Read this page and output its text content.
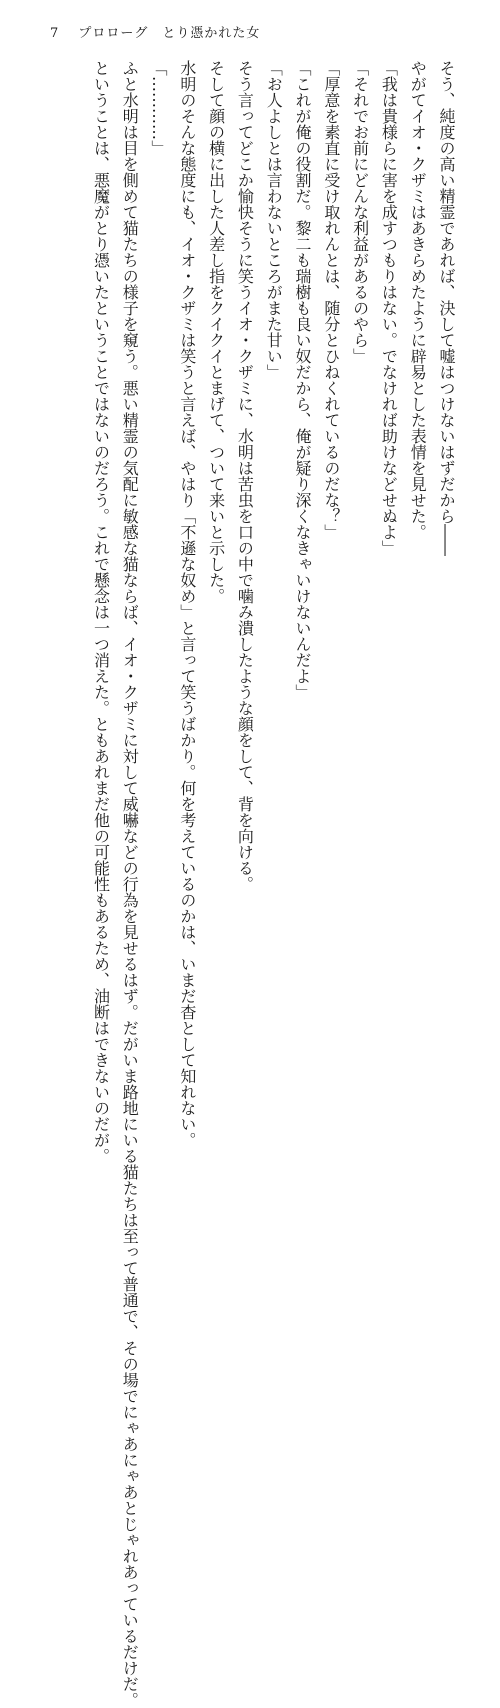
7 プロローグ　とり憑かれた女
そう、純度の高い精霊であれば、決して嘘はつけないはずだから――
やがてイオ・クザミはあきらめたように辟易とした表情を見せた。
「我は貴様らに害を成すつもりはない。でなければ助けなどせぬよ」
「それでお前にどんな利益があるのやら」
「厚意を素直に受け取れんとは、随分とひねくれているのだな？」
「これが俺の役割だ。黎二も瑞樹も良い奴だから、俺が疑り深くなきゃいけないんだよ」
「お人よしとは言わないところがまた甘い」
そう言ってどこか愉快そうに笑うイオ・クザミに、水明は苦虫を口の中で噛み潰したような顔をして、背を向ける。
そして顔の横に出した人差し指をクイクイとまげて、ついて来いと示した。
水明のそんな態度にも、イオ・クザミは笑うと言えば、やはり「不遜な奴め」と言って笑うばかり。何を考えているのかは、いまだ杳として知れない。
「…………」
ふと水明は目を側めて猫たちの様子を窺う。悪い精霊の気配に敏感な猫ならば、イオ・クザミに対して威嚇などの行為を見せるはず。だがいま路地にいる猫たちは至って普通で、その場でにゃあにゃあとじゃれあっているだけだ。
ということは、悪魔がとり憑いたということではないのだろう。これで懸念は一つ消えた。ともあれまだ他の可能性もあるため、油断はできないのだが。
